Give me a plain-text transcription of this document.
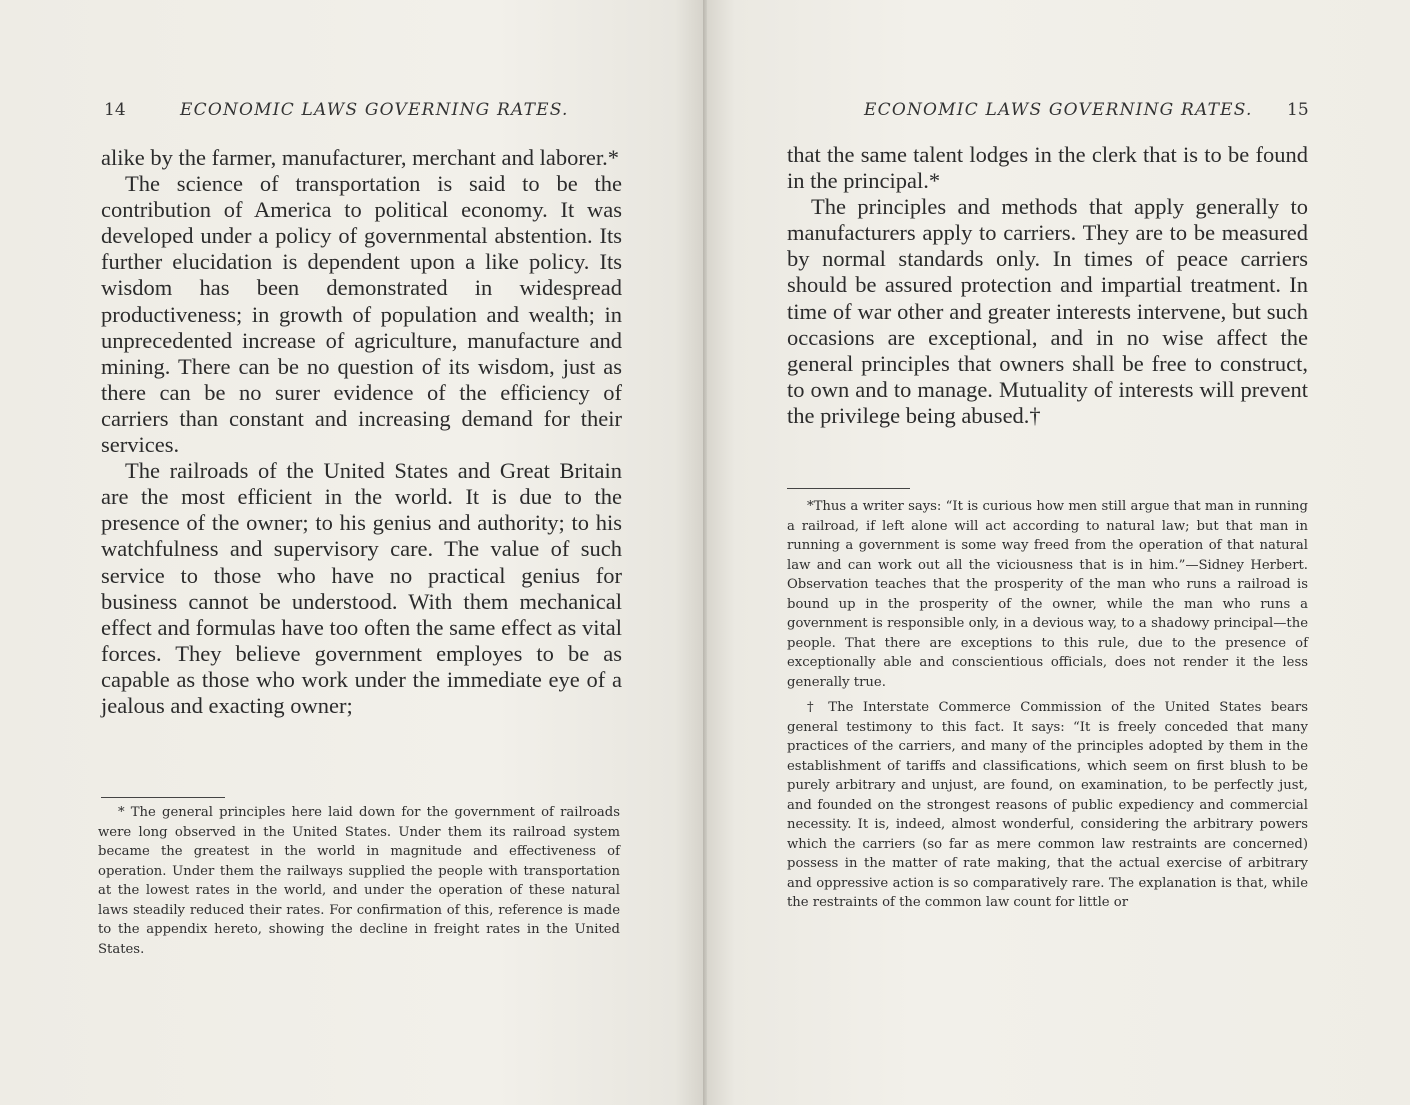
14	ECONOMIC LAWS GOVERNING RATES.

alike by the farmer, manufacturer, merchant and laborer.*

The science of transportation is said to be the contribution of America to political economy. It was developed under a policy of governmental abstention. Its further elucidation is dependent upon a like policy. Its wisdom has been demonstrated in widespread productiveness; in growth of population and wealth; in unprecedented increase of agriculture, manufacture and mining. There can be no question of its wisdom, just as there can be no surer evidence of the efficiency of carriers than constant and increasing demand for their services.

The railroads of the United States and Great Britain are the most efficient in the world. It is due to the presence of the owner; to his genius and authority; to his watchfulness and supervisory care. The value of such service to those who have no practical genius for business cannot be understood. With them mechanical effect and formulas have too often the same effect as vital forces. They believe government employes to be as capable as those who work under the immediate eye of a jealous and exacting owner;

* The general principles here laid down for the government of railroads were long observed in the United States. Under them its railroad system became the greatest in the world in magnitude and effectiveness of operation. Under them the railways supplied the people with transportation at the lowest rates in the world, and under the operation of these natural laws steadily reduced their rates. For confirmation of this, reference is made to the appendix hereto, showing the decline in freight rates in the United States.

ECONOMIC LAWS GOVERNING RATES. 15

that the same talent lodges in the clerk that is to be found in the principal.*

The principles and methods that apply generally to manufacturers apply to carriers. They are to be measured by normal standards only. In times of peace carriers should be assured protection and impartial treatment. In time of war other and greater interests intervene, but such occasions are exceptional, and in no wise affect the general principles that owners shall be free to construct, to own and to manage. Mutuality of interests will prevent the privilege being abused.†

*Thus a writer says: “It is curious how men still argue that man in running a railroad, if left alone will act according to natural law; but that man in running a government is some way freed from the operation of that natural law and can work out all the viciousness that is in him.”—Sidney Herbert. Observation teaches that the prosperity of the man who runs a railroad is bound up in the prosperity of the owner, while the man who runs a government is responsible only, in a devious way, to a shadowy principal—the people. That there are exceptions to this rule, due to the presence of exceptionally able and conscientious officials, does not render it the less generally true.

† The Interstate Commerce Commission of the United States bears general testimony to this fact. It says: “It is freely conceded that many practices of the carriers, and many of the principles adopted by them in the establishment of tariffs and classifications, which seem on first blush to be purely arbitrary and unjust, are found, on examination, to be perfectly just, and founded on the strongest reasons of public expediency and commercial necessity. It is, indeed, almost wonderful, considering the arbitrary powers which the carriers (so far as mere common law restraints are concerned) possess in the matter of rate making, that the actual exercise of arbitrary and oppressive action is so comparatively rare. The explanation is that, while the restraints of the common law count for little or
